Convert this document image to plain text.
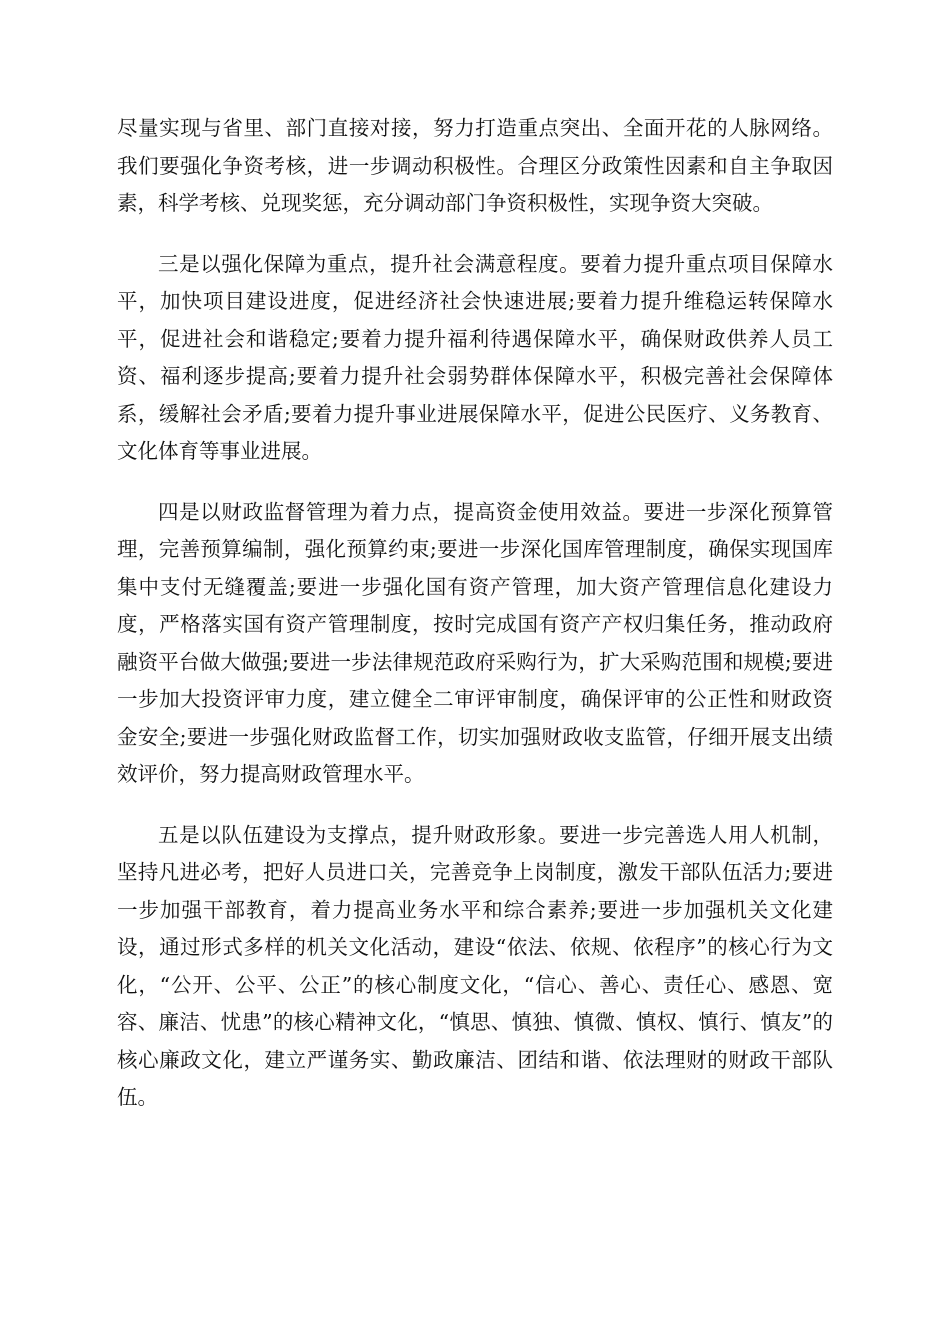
尽量实现与省里、部门直接对接，努力打造重点突出、全面开花的人脉网络。我们要强化争资考核，进一步调动积极性。合理区分政策性因素和自主争取因素，科学考核、兑现奖惩，充分调动部门争资积极性，实现争资大突破。

三是以强化保障为重点，提升社会满意程度。要着力提升重点项目保障水平，加快项目建设进度，促进经济社会快速进展;要着力提升维稳运转保障水平，促进社会和谐稳定;要着力提升福利待遇保障水平，确保财政供养人员工资、福利逐步提高;要着力提升社会弱势群体保障水平，积极完善社会保障体系，缓解社会矛盾;要着力提升事业进展保障水平，促进公民医疗、义务教育、文化体育等事业进展。

四是以财政监督管理为着力点，提高资金使用效益。要进一步深化预算管理，完善预算编制，强化预算约束;要进一步深化国库管理制度，确保实现国库集中支付无缝覆盖;要进一步强化国有资产管理，加大资产管理信息化建设力度，严格落实国有资产管理制度，按时完成国有资产产权归集任务，推动政府融资平台做大做强;要进一步法律规范政府采购行为，扩大采购范围和规模;要进一步加大投资评审力度，建立健全二审评审制度，确保评审的公正性和财政资金安全;要进一步强化财政监督工作，切实加强财政收支监管，仔细开展支出绩效评价，努力提高财政管理水平。

五是以队伍建设为支撑点，提升财政形象。要进一步完善选人用人机制，坚持凡进必考，把好人员进口关，完善竞争上岗制度，激发干部队伍活力;要进一步加强干部教育，着力提高业务水平和综合素养;要进一步加强机关文化建设，通过形式多样的机关文化活动，建设“依法、依规、依程序”的核心行为文化，“公开、公平、公正”的核心制度文化，“信心、善心、责任心、感恩、宽容、廉洁、忧患”的核心精神文化，“慎思、慎独、慎微、慎权、慎行、慎友”的核心廉政文化，建立严谨务实、勤政廉洁、团结和谐、依法理财的财政干部队伍。
